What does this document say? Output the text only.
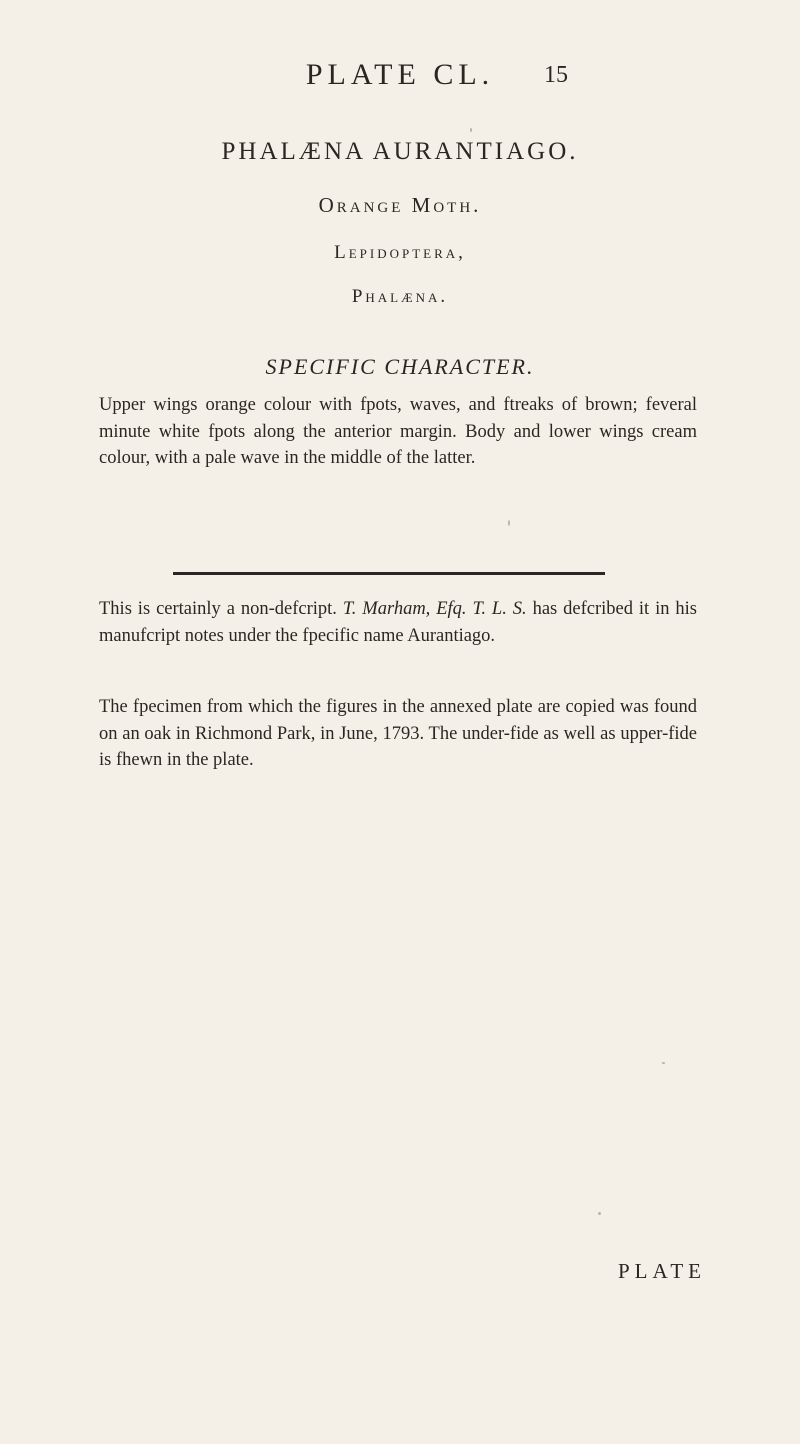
PLATE CL.	15
PHALÆNA AURANTIAGO.
Orange Moth.
Lepidoptera,
Phalæna.
SPECIFIC CHARACTER.

Upper wings orange colour with fpots, waves, and ftreaks of brown; feveral minute white fpots along the anterior margin. Body and lower wings cream colour, with a pale wave in the middle of the latter.

This is certainly a non-defcript. T. Marham, Efq. T. L. S. has defcribed it in his manufcript notes under the fpecific name Aurantiago.

The fpecimen from which the figures in the annexed plate are copied was found on an oak in Richmond Park, in June, 1793. The under-fide as well as upper-fide is fhewn in the plate.

PLATE
